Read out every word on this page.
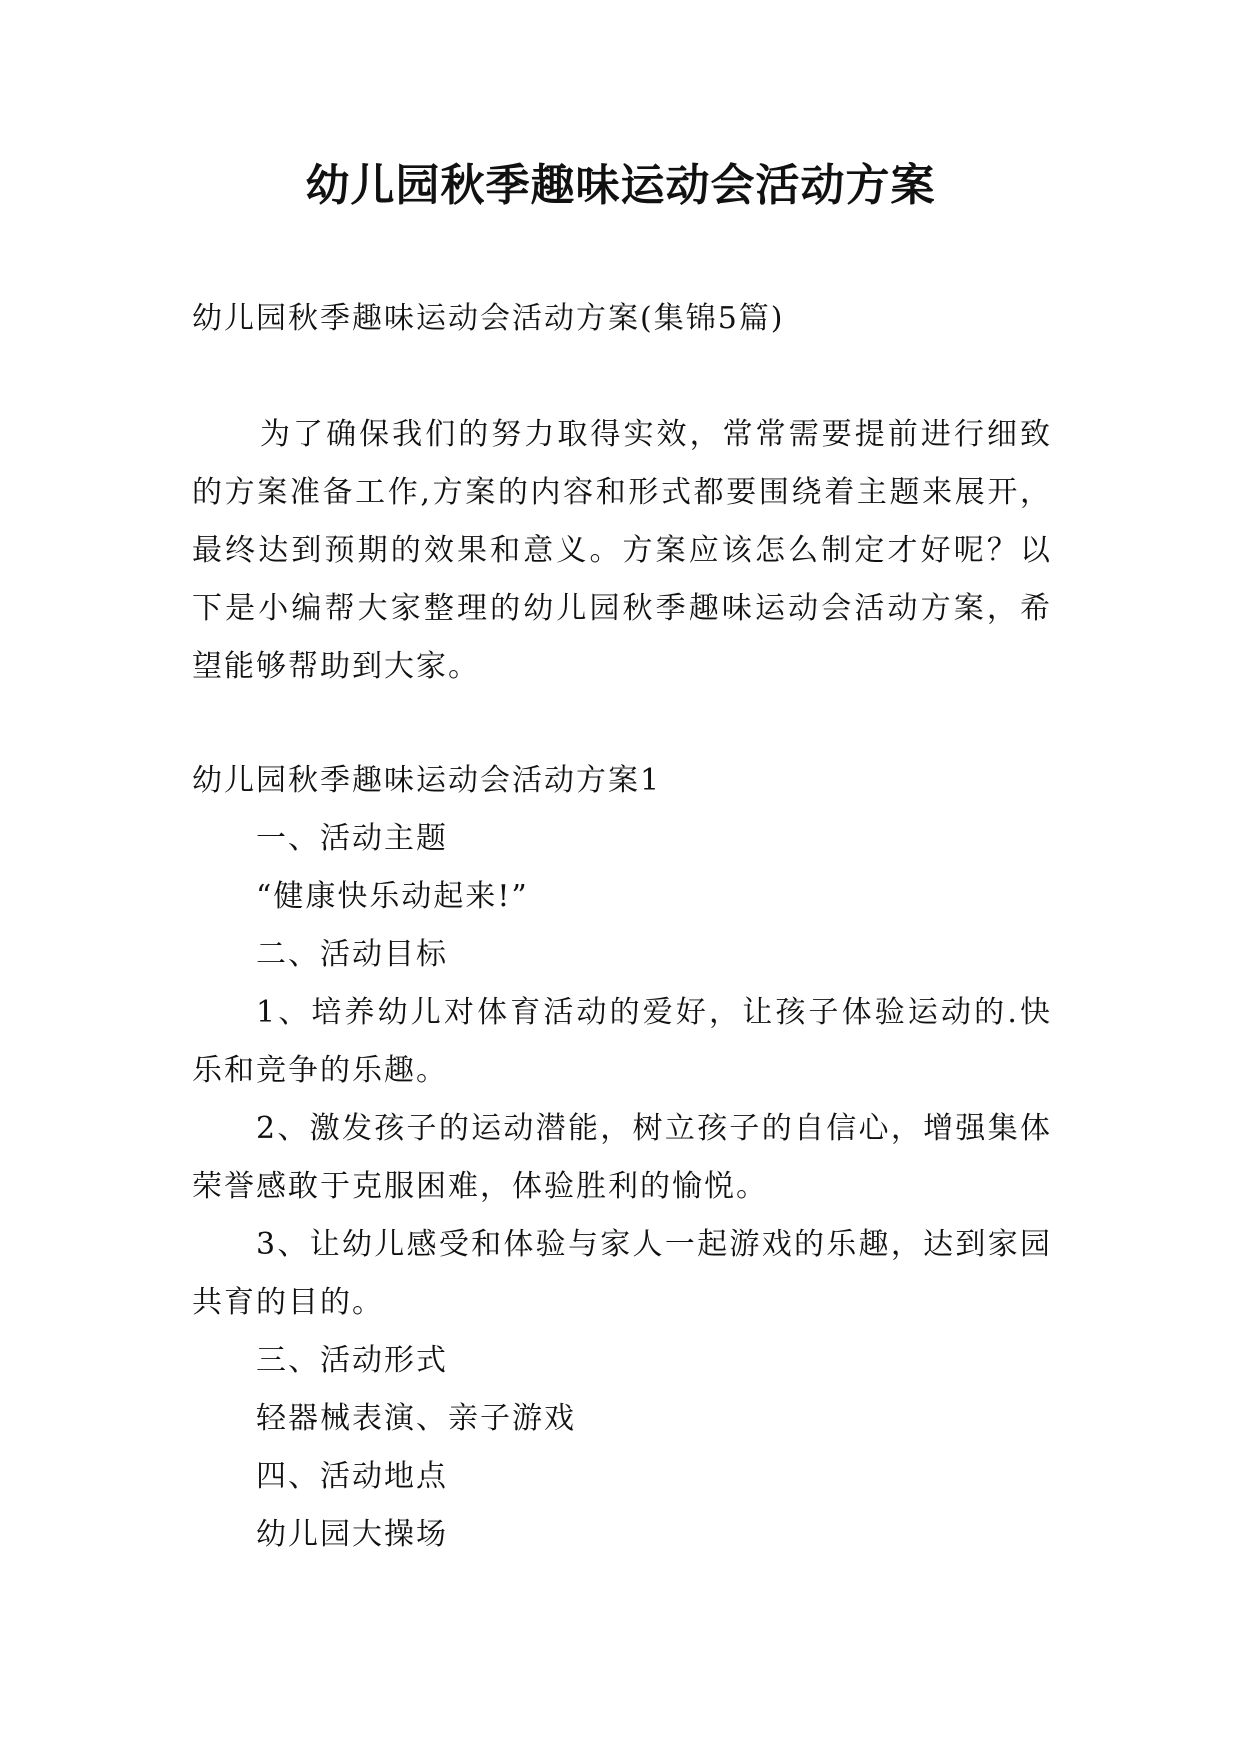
幼儿园秋季趣味运动会活动方案

幼儿园秋季趣味运动会活动方案(集锦5篇)

为了确保我们的努力取得实效，常常需要提前进行细致的方案准备工作,方案的内容和形式都要围绕着主题来展开，最终达到预期的效果和意义。方案应该怎么制定才好呢？以下是小编帮大家整理的幼儿园秋季趣味运动会活动方案，希望能够帮助到大家。

幼儿园秋季趣味运动会活动方案1

一、活动主题

“健康快乐动起来!”

二、活动目标

1、培养幼儿对体育活动的爱好，让孩子体验运动的.快乐和竞争的乐趣。

2、激发孩子的运动潜能，树立孩子的自信心，增强集体荣誉感敢于克服困难，体验胜利的愉悦。

3、让幼儿感受和体验与家人一起游戏的乐趣，达到家园共育的目的。

三、活动形式

轻器械表演、亲子游戏

四、活动地点

幼儿园大操场
